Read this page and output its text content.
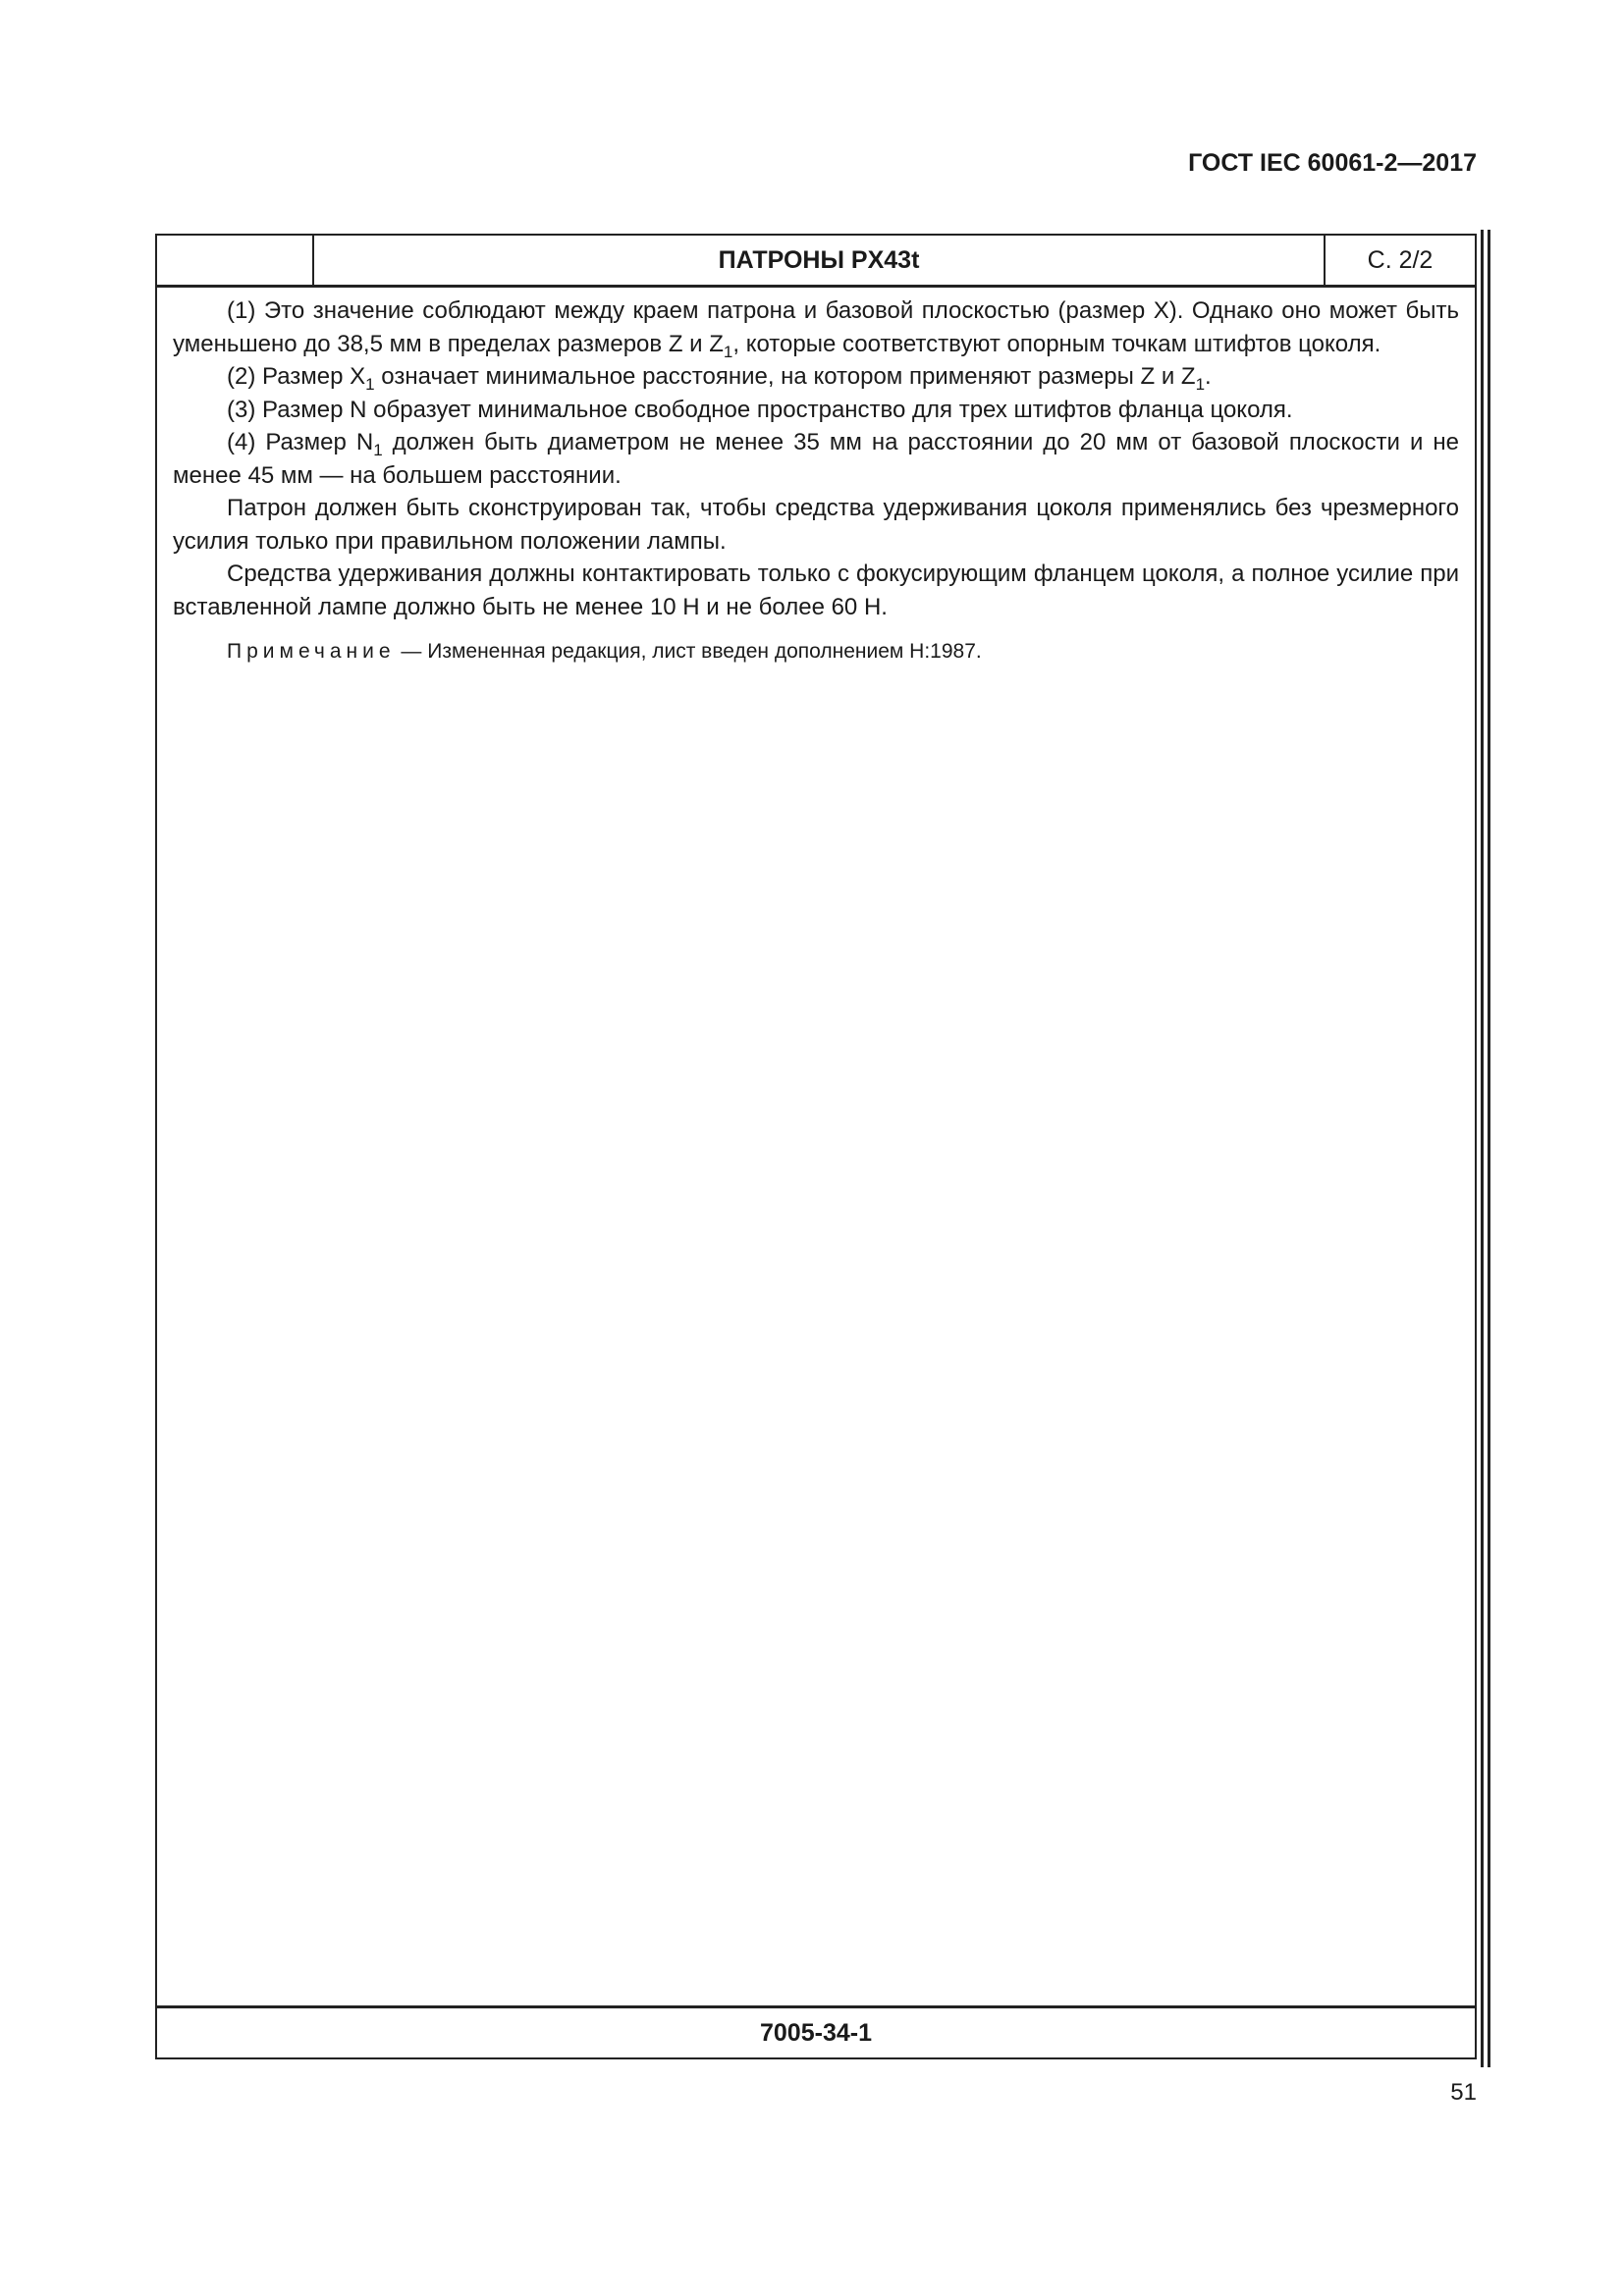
ГОСТ IEC 60061-2—2017
ПАТРОНЫ PX43t	С. 2/2

(1) Это значение соблюдают между краем патрона и базовой плоскостью (размер X). Однако оно может быть уменьшено до 38,5 мм в пределах размеров Z и $Z_1$, которые соответствуют опорным точкам штифтов цоколя.

(2) Размер $X_1$ означает минимальное расстояние, на котором применяют размеры Z и $Z_1$.

(3) Размер N образует минимальное свободное пространство для трех штифтов фланца цоколя.

(4) Размер $N_1$ должен быть диаметром не менее 35 мм на расстоянии до 20 мм от базовой плоскости и не менее 45 мм — на большем расстоянии.

Патрон должен быть сконструирован так, чтобы средства удерживания цоколя применялись без чрезмерного усилия только при правильном положении лампы.

Средства удерживания должны контактировать только с фокусирующим фланцем цоколя, а полное усилие при вставленной лампе должно быть не менее 10 Н и не более 60 Н.

Примечание — Измененная редакция, лист введен дополнением Н:1987.

7005-34-1
51
